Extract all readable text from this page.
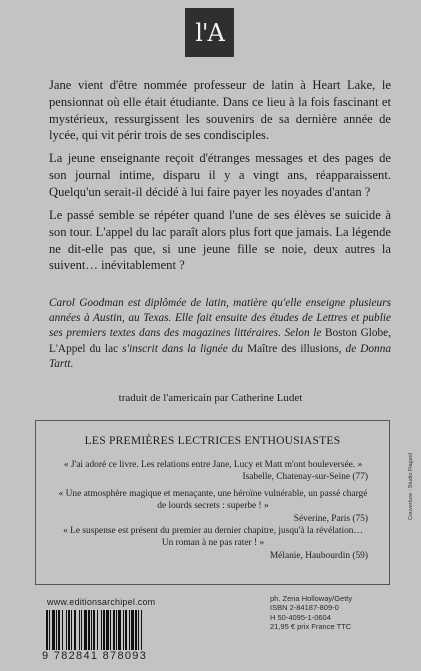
l'A

Jane vient d'être nommée professeur de latin à Heart Lake, le pensionnat où elle était étudiante. Dans ce lieu à la fois fascinant et mystérieux, ressurgissent les souvenirs de sa dernière année de lycée, qui vit périr trois de ses condisciples.

La jeune enseignante reçoit d'étranges messages et des pages de son journal intime, disparu il y a vingt ans, réapparaissent. Quelqu'un serait-il décidé à lui faire payer les noyades d'antan ?

Le passé semble se répéter quand l'une de ses élèves se suicide à son tour. L'appel du lac paraît alors plus fort que jamais. La légende ne dit-elle pas que, si une jeune fille se noie, deux autres la suivent… inévitablement ?

Carol Goodman est diplômée de latin, matière qu'elle enseigne plusieurs années à Austin, au Texas. Elle fait ensuite des études de Lettres et publie ses premiers textes dans des magazines littéraires. Selon le Boston Globe, L'Appel du lac s'inscrit dans la lignée du Maître des illusions, de Donna Tartt.

traduit de l'americain par Catherine Ludet
LES PREMIÈRES LECTRICES ENTHOUSIASTES
« J'ai adoré ce livre. Les relations entre Jane, Lucy et Matt m'ont bouleversée. »
Isabelle, Chatenay-sur-Seine (77)
« Une atmosphère magique et menaçante, une héroïne vulnérable, un passé chargé de lourds secrets : superbe ! »
Séverine, Paris (75)
« Le suspense est présent du premier au dernier chapitre, jusqu'à la révélation… Un roman à ne pas rater ! »
Mélanie, Haubourdin (59)
www.editionsarchipel.com
9 782841 878093
ph. Zena Holloway/Getty
ISBN 2-84187-809-0
H 50-4095-1-0604
21,95 € prix France TTC
Couverture : Studio Flageol
